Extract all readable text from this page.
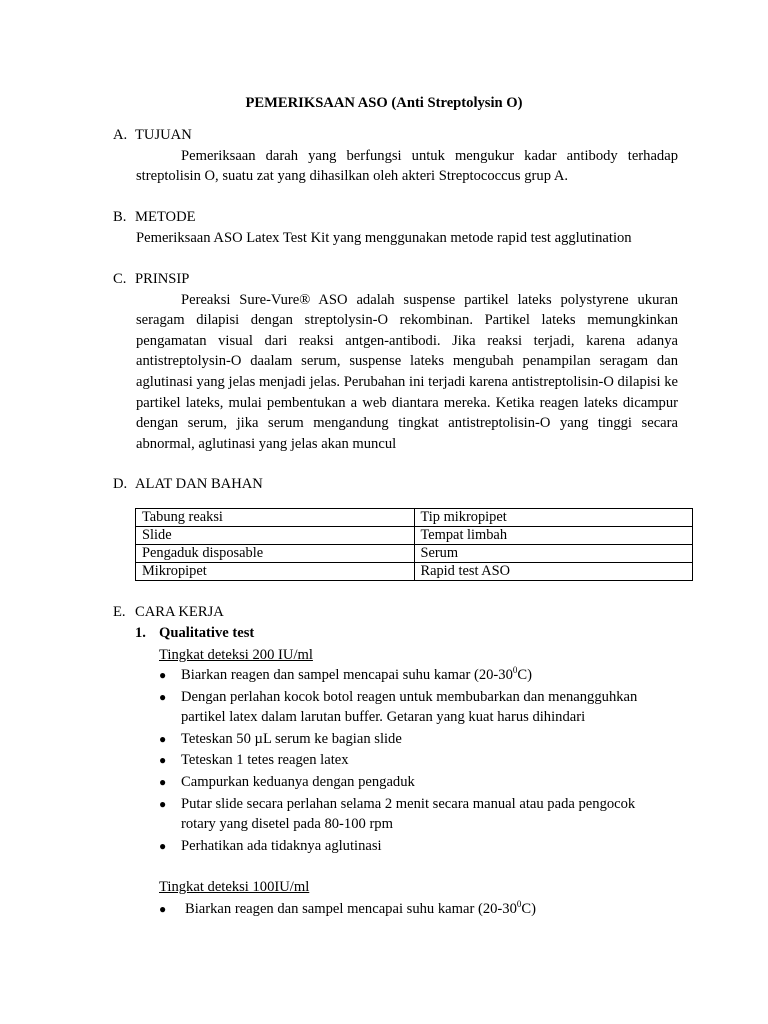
PEMERIKSAAN ASO (Anti Streptolysin O)
A. TUJUAN
Pemeriksaan darah yang berfungsi untuk mengukur kadar antibody terhadap streptolisin O, suatu zat yang dihasilkan oleh akteri Streptococcus grup A.
B. METODE
Pemeriksaan ASO Latex Test Kit yang menggunakan metode rapid test agglutination
C. PRINSIP
Pereaksi Sure-Vure® ASO adalah suspense partikel lateks polystyrene ukuran seragam dilapisi dengan streptolysin-O rekombinan. Partikel lateks memungkinkan pengamatan visual dari reaksi antgen-antibodi. Jika reaksi terjadi, karena adanya antistreptolysin-O daalam serum, suspense lateks mengubah penampilan seragam dan aglutinasi yang jelas menjadi jelas. Perubahan ini terjadi karena antistreptolisin-O dilapisi ke partikel lateks, mulai pembentukan a web diantara mereka. Ketika reagen lateks dicampur dengan serum, jika serum mengandung tingkat antistreptolisin-O yang tinggi secara abnormal, aglutinasi yang jelas akan muncul
D. ALAT DAN BAHAN
Tabung reaksi	Tip mikropipet
Slide	Tempat limbah
Pengaduk disposable	Serum
Mikropipet	Rapid test ASO
E. CARA KERJA
1. Qualitative test
Tingkat deteksi 200 IU/ml
●	Biarkan reagen dan sampel mencapai suhu kamar $(20-30^0C)$
●	Dengan perlahan kocok botol reagen untuk membubarkan dan menangguhkan partikel latex dalam larutan buffer. Getaran yang kuat harus dihindari
●	Teteskan 50 µL serum ke bagian slide
●	Teteskan 1 tetes reagen latex
●	Campurkan keduanya dengan pengaduk
●	Putar slide secara perlahan selama 2 menit secara manual atau pada pengocok rotary yang disetel pada 80-100 rpm
●	Perhatikan ada tidaknya aglutinasi
Tingkat deteksi 100IU/ml
●	Biarkan reagen dan sampel mencapai suhu kamar $(20-30^0C)$
